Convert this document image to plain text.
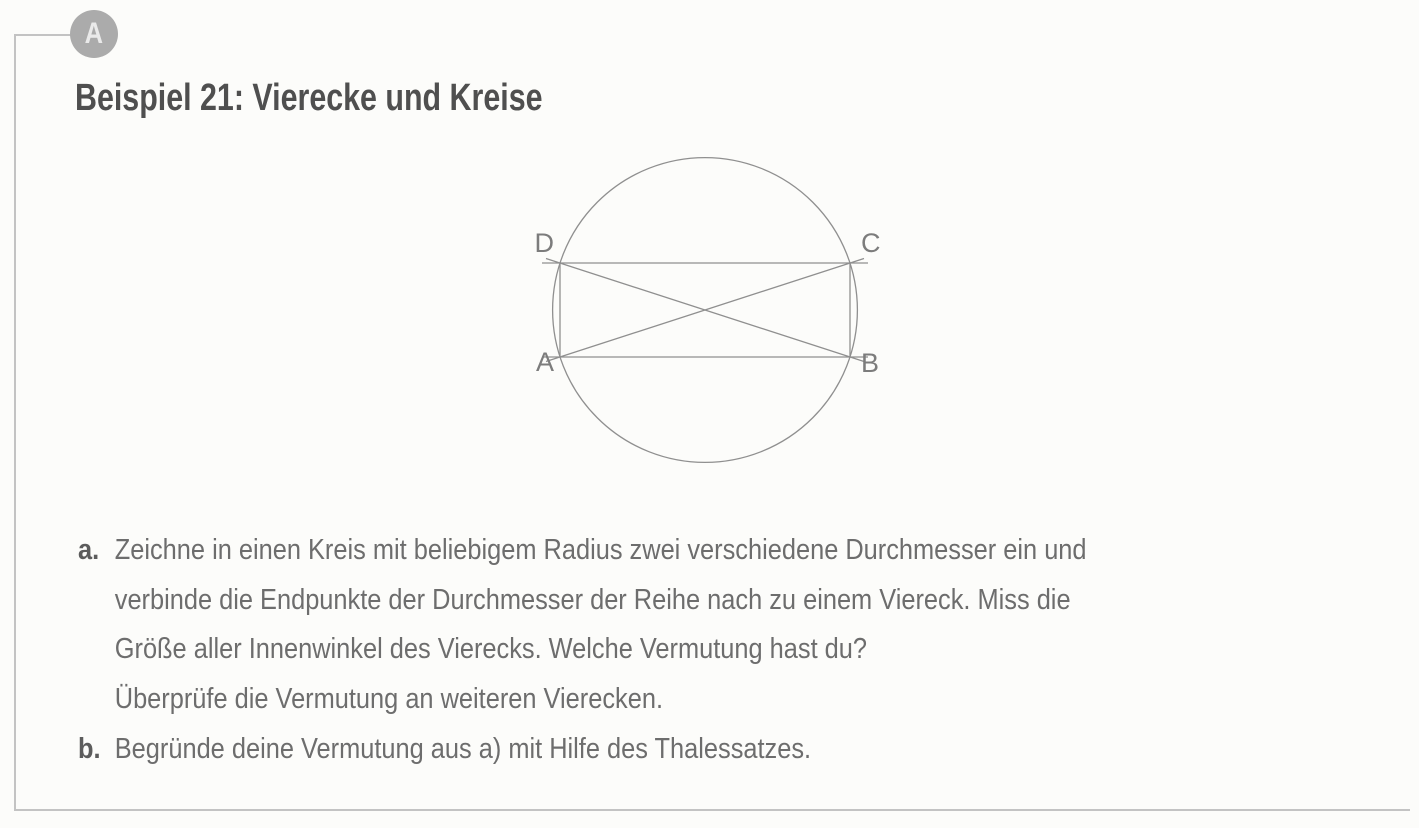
A
Beispiel 21: Vierecke und Kreise
D	C
A	B
a. Zeichne in einen Kreis mit beliebigem Radius zwei verschiedene Durchmesser ein und
verbinde die Endpunkte der Durchmesser der Reihe nach zu einem Viereck. Miss die
Größe aller Innenwinkel des Vierecks. Welche Vermutung hast du?
Überprüfe die Vermutung an weiteren Vierecken.
b. Begründe deine Vermutung aus a) mit Hilfe des Thalessatzes.
